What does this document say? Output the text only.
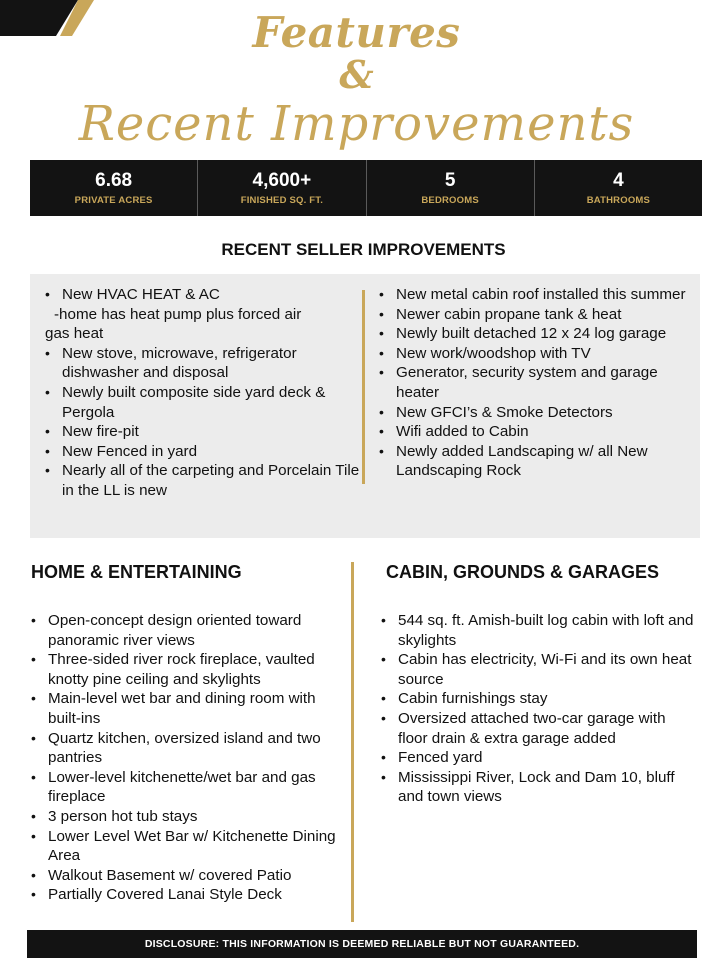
Features
&
Recent Improvements
6.68
PRIVATE ACRES
4,600+
FINISHED SQ. FT.
5
BEDROOMS
4
BATHROOMS
RECENT SELLER IMPROVEMENTS
• New HVAC HEAT & AC
-home has heat pump plus forced air
gas heat
• New stove, microwave, refrigerator dishwasher and disposal
• Newly built composite side yard deck & Pergola
• New fire-pit
• New Fenced in yard
• Nearly all of the carpeting and Porcelain Tile in the LL is new
• New metal cabin roof installed this summer
• Newer cabin propane tank & heat
• Newly built detached 12 x 24 log garage
• New work/woodshop with TV
• Generator, security system and garage heater
• New GFCI’s & Smoke Detectors
• Wifi added to Cabin
• Newly added Landscaping w/ all New Landscaping Rock
HOME & ENTERTAINING	CABIN, GROUNDS & GARAGES
• Open-concept design oriented toward panoramic river views
• Three-sided river rock fireplace, vaulted knotty pine ceiling and skylights
• Main-level wet bar and dining room with built-ins
• Quartz kitchen, oversized island and two pantries
• Lower-level kitchenette/wet bar and gas fireplace
• 3 person hot tub stays
• Lower Level Wet Bar w/ Kitchenette Dining Area
• Walkout Basement w/ covered Patio
• Partially Covered Lanai Style Deck
• 544 sq. ft. Amish-built log cabin with loft and skylights
• Cabin has electricity, Wi-Fi and its own heat source
• Cabin furnishings stay
• Oversized attached two-car garage with floor drain & extra garage added
• Fenced yard
• Mississippi River, Lock and Dam 10, bluff and town views
DISCLOSURE: THIS INFORMATION IS DEEMED RELIABLE BUT NOT GUARANTEED.
